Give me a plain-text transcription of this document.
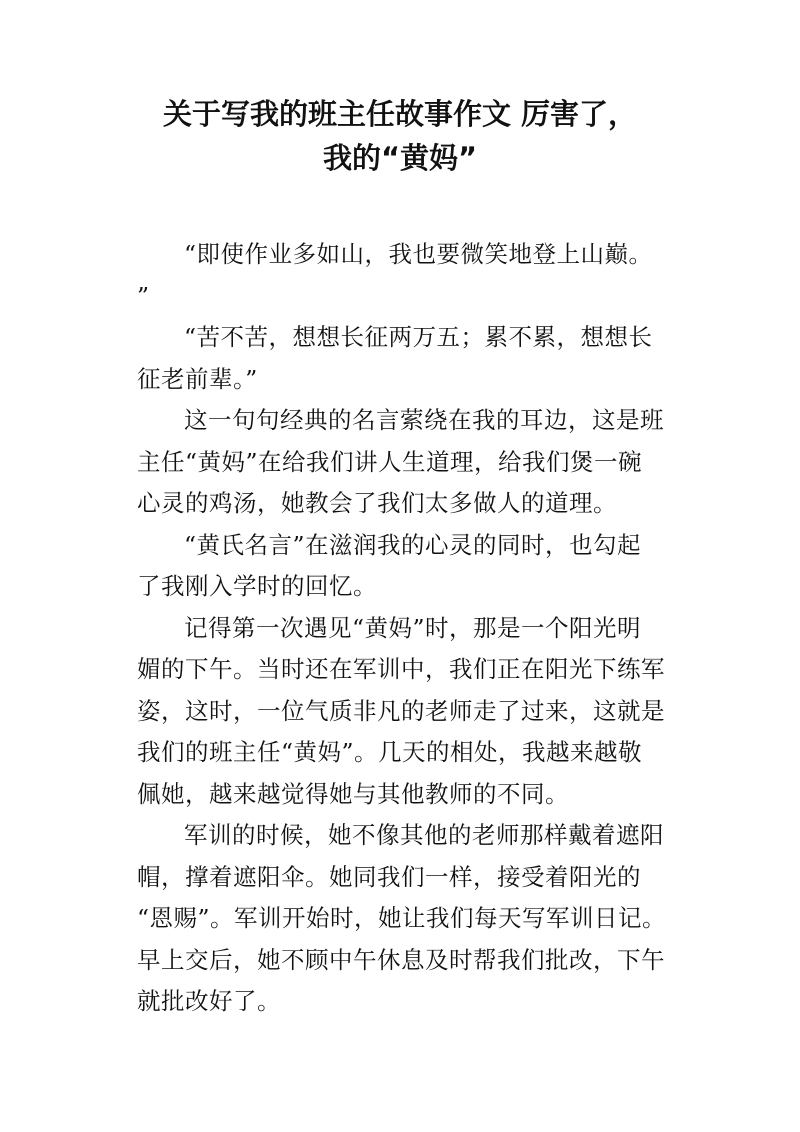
关于写我的班主任故事作文 厉害了，
我的“黄妈”

“即使作业多如山，我也要微笑地登上山巅。
”

“苦不苦，想想长征两万五；累不累，想想长
征老前辈。”

这一句句经典的名言萦绕在我的耳边，这是班
主任“黄妈”在给我们讲人生道理，给我们煲一碗
心灵的鸡汤，她教会了我们太多做人的道理。

“黄氏名言”在滋润我的心灵的同时，也勾起
了我刚入学时的回忆。

记得第一次遇见“黄妈”时，那是一个阳光明
媚的下午。当时还在军训中，我们正在阳光下练军
姿，这时，一位气质非凡的老师走了过来，这就是
我们的班主任“黄妈”。几天的相处，我越来越敬
佩她，越来越觉得她与其他教师的不同。

军训的时候，她不像其他的老师那样戴着遮阳
帽，撑着遮阳伞。她同我们一样，接受着阳光的
“恩赐”。军训开始时，她让我们每天写军训日记。
早上交后，她不顾中午休息及时帮我们批改，下午
就批改好了。
